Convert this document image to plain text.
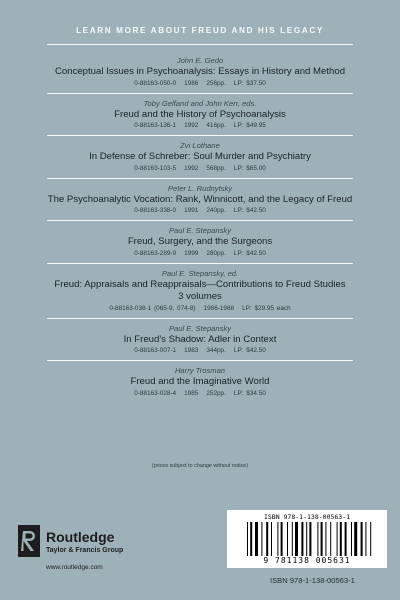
LEARN MORE ABOUT FREUD AND HIS LEGACY
John E. Gedo
Conceptual Issues in Psychoanalysis: Essays in History and Method
0-88163-050-0 1986 256pp. LP: $37.50
Toby Gelfand and John Kerr, eds.
Freud and the History of Psychoanalysis
0-88163-136-1 1992 416pp. LP: $49.95
Zvi Lothane
In Defense of Schreber: Soul Murder and Psychiatry
0-88163-103-5 1992 568pp. LP: $65.00
Peter L. Rudnytsky
The Psychoanalytic Vocation: Rank, Winnicott, and the Legacy of Freud
0-88163-338-0 1991 240pp. LP: $42.50
Paul E. Stepansky
Freud, Surgery, and the Surgeons
0-88163-289-9 1999 280pp. LP: $42.50
Paul E. Stepansky, ed.
Freud: Appraisals and Reappraisals—Contributions to Freud Studies
3 volumes
0-88163-038-1 (065-9, 074-8) 1986-1988 LP: $29.95 each
Paul E. Stepansky
In Freud's Shadow: Adler in Context
0-88163-007-1 1983 344pp. LP: $42.50
Harry Trosman
Freud and the Imaginative World
0-88163-028-4 1985 252pp. LP: $34.50
(prices subject to change without notice)
Routledge
Taylor & Francis Group
www.routledge.com
ISBN 978-1-138-00563-1
9 781138 005631
ISBN 978-1-138-00563-1
